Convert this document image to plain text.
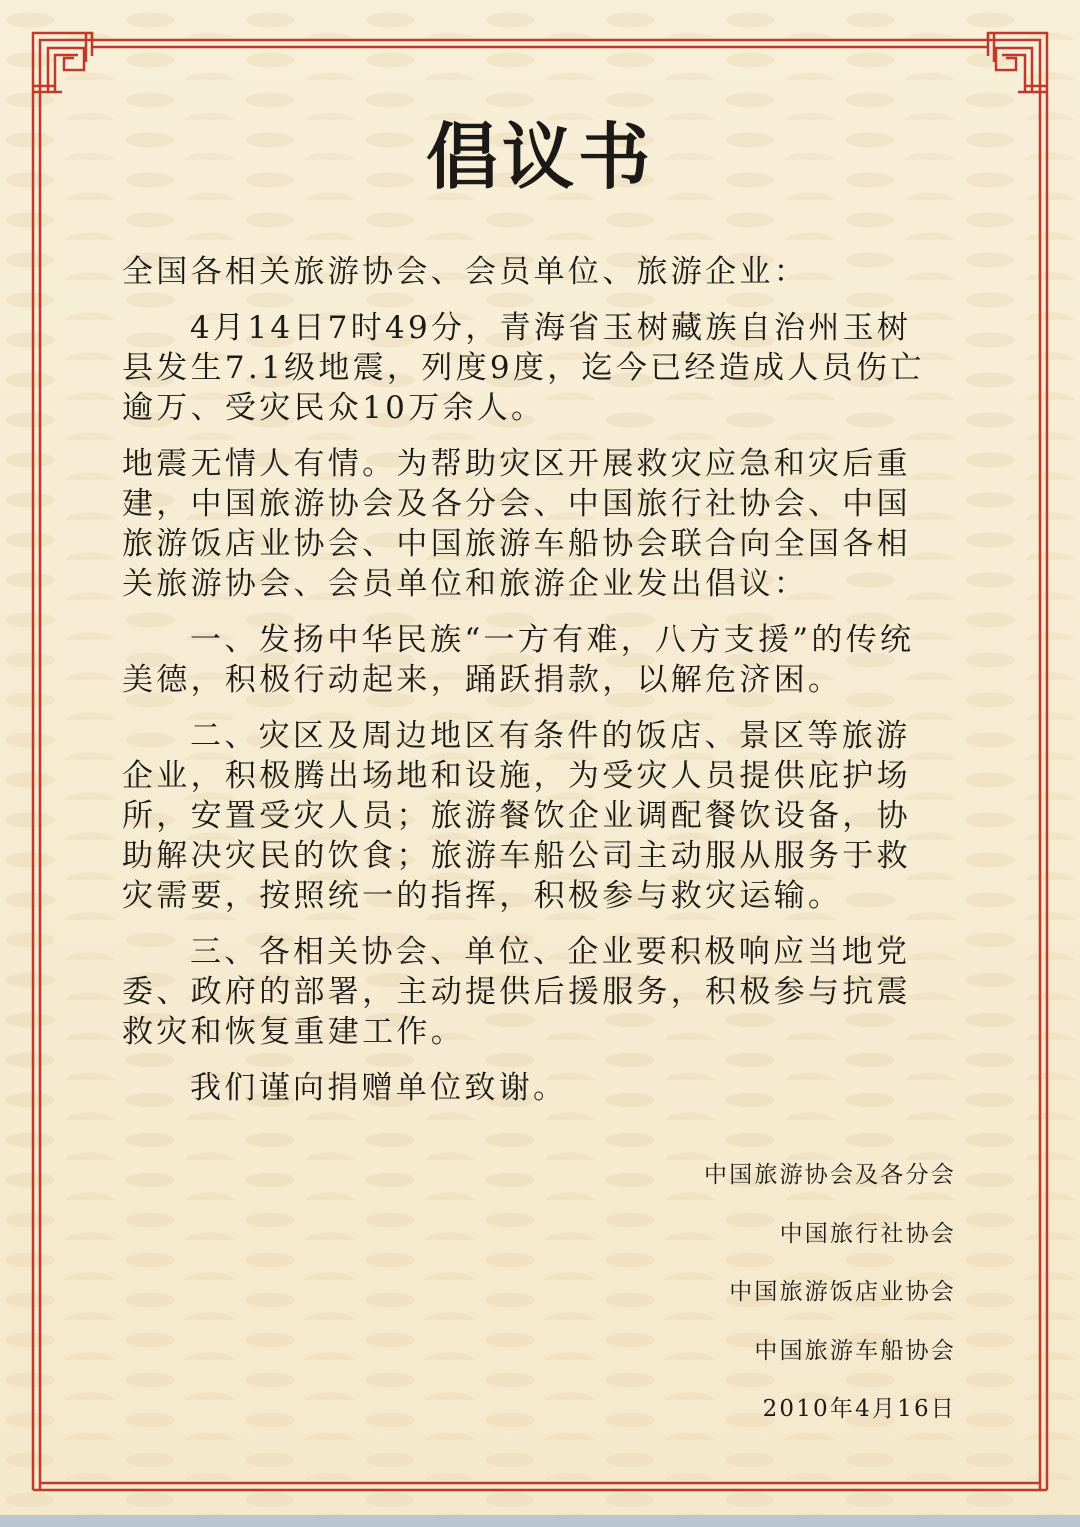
倡议书

全国各相关旅游协会、会员单位、旅游企业：

4月14日7时49分，青海省玉树藏族自治州玉树县发生7.1级地震，列度9度，迄今已经造成人员伤亡逾万、受灾民众10万余人。

地震无情人有情。为帮助灾区开展救灾应急和灾后重建，中国旅游协会及各分会、中国旅行社协会、中国旅游饭店业协会、中国旅游车船协会联合向全国各相关旅游协会、会员单位和旅游企业发出倡议：

一、发扬中华民族“一方有难，八方支援”的传统美德，积极行动起来，踊跃捐款，以解危济困。

二、灾区及周边地区有条件的饭店、景区等旅游企业，积极腾出场地和设施，为受灾人员提供庇护场所，安置受灾人员；旅游餐饮企业调配餐饮设备，协助解决灾民的饮食；旅游车船公司主动服从服务于救灾需要，按照统一的指挥，积极参与救灾运输。

三、各相关协会、单位、企业要积极响应当地党委、政府的部署，主动提供后援服务，积极参与抗震救灾和恢复重建工作。

我们谨向捐赠单位致谢。

中国旅游协会及各分会
中国旅行社协会
中国旅游饭店业协会
中国旅游车船协会
2010年4月16日
